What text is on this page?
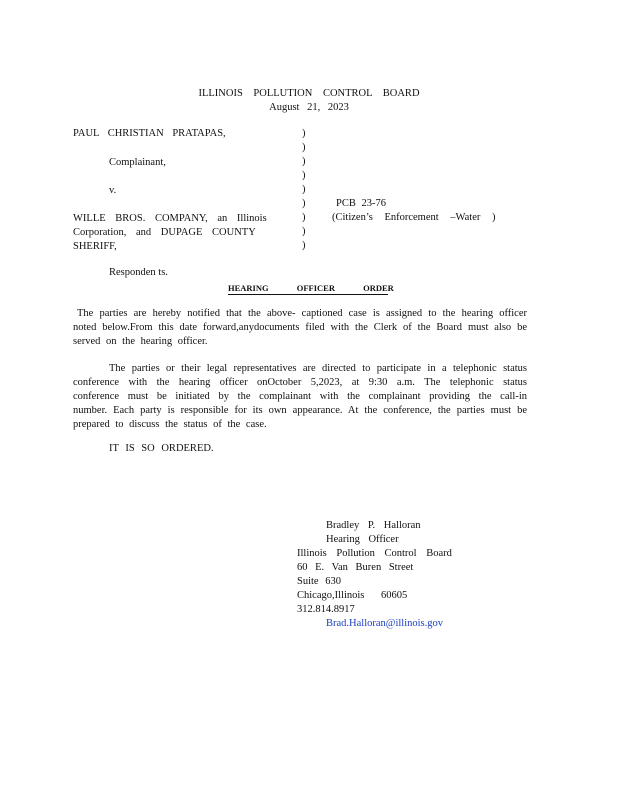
ILLINOIS POLLUTION CONTROL BOARD
August 21, 2023
PAUL CHRISTIAN PRATAPAS,
Complainant,
v.
WILLE BROS. COMPANY, an Illinois
Corporation, and DUPAGE COUNTY
SHERIFF,
)
)
)
)
)
)
)
)
)
PCB 23-76
(Citizen’s Enforcement –Water )
Responden ts.
HEARING OFFICER ORDER
The parties are hereby notified that the above- captioned case is assigned to the hearing officer noted below.From this date forward,anydocuments filed with the Clerk of the Board must also be served on the hearing officer.
The parties or their legal representatives are directed to participate in a telephonic status conference with the hearing officer onOctober 5,2023, at 9:30 a.m. The telephonic status conference must be initiated by the complainant with the complainant providing the call-in number. Each party is responsible for its own appearance. At the conference, the parties must be prepared to discuss the status of the case.
IT IS SO ORDERED.
Bradley P. Halloran
Hearing Officer
Illinois Pollution Control Board
60 E. Van Buren Street
Suite 630
Chicago,Illinois 60605
312.814.8917
Brad.Halloran@illinois.gov
